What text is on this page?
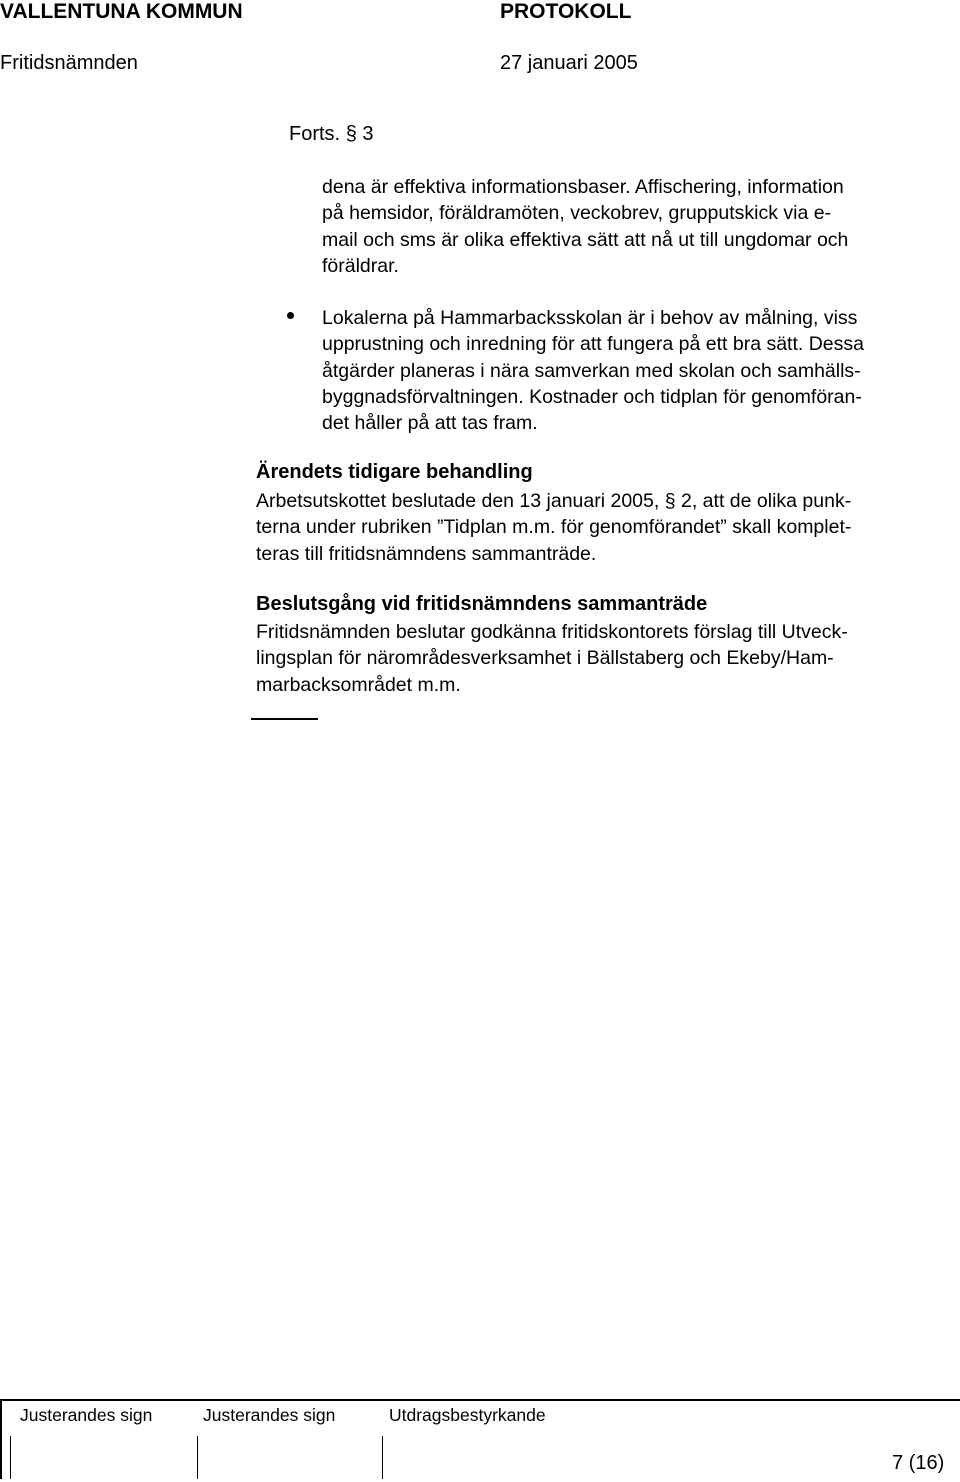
VALLENTUNA KOMMUN	PROTOKOLL
Fritidsnämnden	27 januari 2005
Forts. § 3
dena är effektiva informationsbaser. Affischering, information
på hemsidor, föräldramöten, veckobrev, grupputskick via e-
mail och sms är olika effektiva sätt att nå ut till ungdomar och
föräldrar.
Lokalerna på Hammarbacksskolan är i behov av målning, viss
upprustning och inredning för att fungera på ett bra sätt. Dessa
åtgärder planeras i nära samverkan med skolan och samhälls-
byggnadsförvaltningen. Kostnader och tidplan för genomföran-
det håller på att tas fram.
Ärendets tidigare behandling
Arbetsutskottet beslutade den 13 januari 2005, § 2, att de olika punk-
terna under rubriken ”Tidplan m.m. för genomförandet” skall komplet-
teras till fritidsnämndens sammanträde.
Beslutsgång vid fritidsnämndens sammanträde
Fritidsnämnden beslutar godkänna fritidskontorets förslag till Utveck-
lingsplan för närområdesverksamhet i Bällstaberg och Ekeby/Ham-
marbacksområdet m.m.
Justerandes sign	Justerandes sign	Utdragsbestyrkande
7 (16)
